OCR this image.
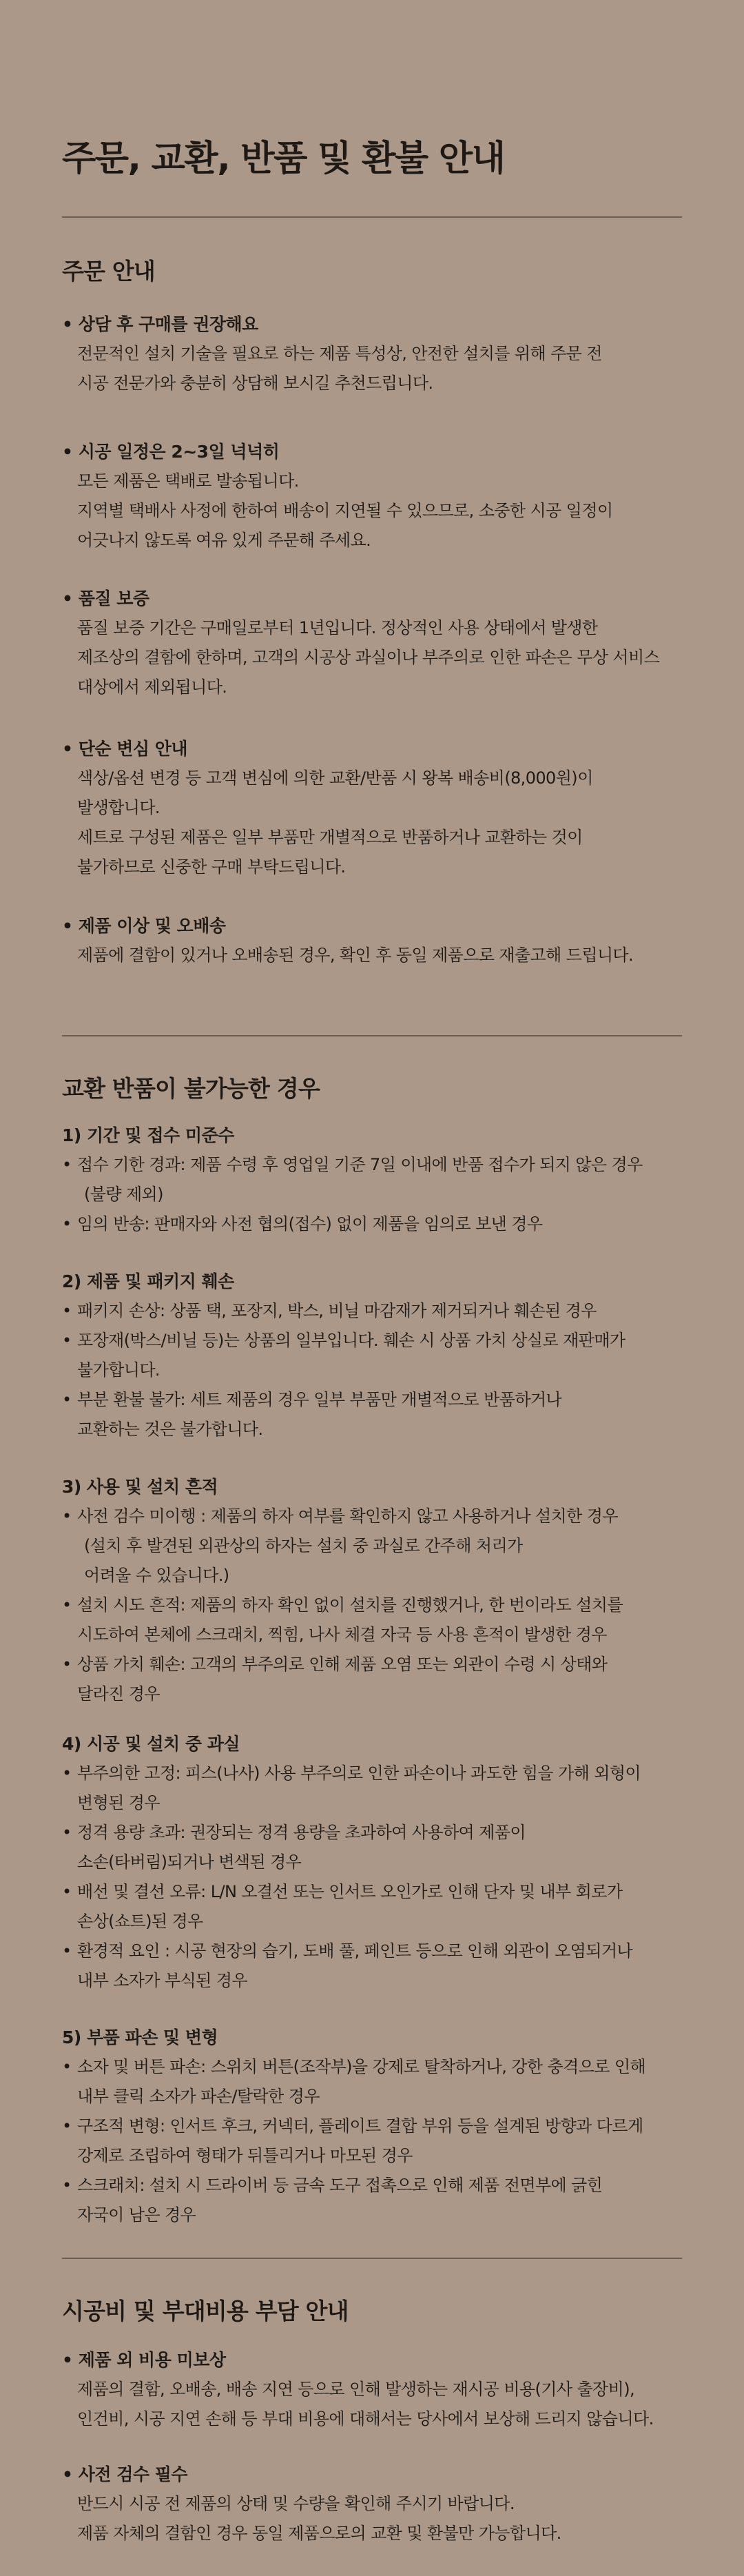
주문, 교환, 반품 및 환불 안내
주문 안내

• 상담 후 구매를 권장해요

전문적인 설치 기술을 필요로 하는 제품 특성상, 안전한 설치를 위해 주문 전

시공 전문가와 충분히 상담해 보시길 추천드립니다.

• 시공 일정은 2~3일 넉넉히

모든 제품은 택배로 발송됩니다.

지역별 택배사 사정에 한하여 배송이 지연될 수 있으므로, 소중한 시공 일정이

어긋나지 않도록 여유 있게 주문해 주세요.

• 품질 보증

품질 보증 기간은 구매일로부터 1년입니다. 정상적인 사용 상태에서 발생한

제조상의 결함에 한하며, 고객의 시공상 과실이나 부주의로 인한 파손은 무상 서비스

대상에서 제외됩니다.

• 단순 변심 안내

색상/옵션 변경 등 고객 변심에 의한 교환/반품 시 왕복 배송비(8,000원)이

발생합니다.

세트로 구성된 제품은 일부 부품만 개별적으로 반품하거나 교환하는 것이

불가하므로 신중한 구매 부탁드립니다.

• 제품 이상 및 오배송

제품에 결함이 있거나 오배송된 경우, 확인 후 동일 제품으로 재출고해 드립니다.

교환 반품이 불가능한 경우

1) 기간 및 접수 미준수

• 접수 기한 경과: 제품 수령 후 영업일 기준 7일 이내에 반품 접수가 되지 않은 경우

(불량 제외)

• 임의 반송: 판매자와 사전 협의(접수) 없이 제품을 임의로 보낸 경우

2) 제품 및 패키지 훼손

• 패키지 손상: 상품 택, 포장지, 박스, 비닐 마감재가 제거되거나 훼손된 경우

• 포장재(박스/비닐 등)는 상품의 일부입니다. 훼손 시 상품 가치 상실로 재판매가

불가합니다.

• 부분 환불 불가: 세트 제품의 경우 일부 부품만 개별적으로 반품하거나

교환하는 것은 불가합니다.

3) 사용 및 설치 흔적

• 사전 검수 미이행 : 제품의 하자 여부를 확인하지 않고 사용하거나 설치한 경우

(설치 후 발견된 외관상의 하자는 설치 중 과실로 간주해 처리가

어려울 수 있습니다.)

• 설치 시도 흔적: 제품의 하자 확인 없이 설치를 진행했거나, 한 번이라도 설치를

시도하여 본체에 스크래치, 찍힘, 나사 체결 자국 등 사용 흔적이 발생한 경우

• 상품 가치 훼손: 고객의 부주의로 인해 제품 오염 또는 외관이 수령 시 상태와

달라진 경우

4) 시공 및 설치 중 과실

• 부주의한 고정: 피스(나사) 사용 부주의로 인한 파손이나 과도한 힘을 가해 외형이

변형된 경우

• 정격 용량 초과: 권장되는 정격 용량을 초과하여 사용하여 제품이

소손(타버림)되거나 변색된 경우

• 배선 및 결선 오류: L/N 오결선 또는 인서트 오인가로 인해 단자 및 내부 회로가

손상(쇼트)된 경우

• 환경적 요인 : 시공 현장의 습기, 도배 풀, 페인트 등으로 인해 외관이 오염되거나

내부 소자가 부식된 경우

5) 부품 파손 및 변형

• 소자 및 버튼 파손: 스위치 버튼(조작부)을 강제로 탈착하거나, 강한 충격으로 인해

내부 클릭 소자가 파손/탈락한 경우

• 구조적 변형: 인서트 후크, 커넥터, 플레이트 결합 부위 등을 설계된 방향과 다르게

강제로 조립하여 형태가 뒤틀리거나 마모된 경우

• 스크래치: 설치 시 드라이버 등 금속 도구 접촉으로 인해 제품 전면부에 긁힌

자국이 남은 경우

시공비 및 부대비용 부담 안내

• 제품 외 비용 미보상

제품의 결함, 오배송, 배송 지연 등으로 인해 발생하는 재시공 비용(기사 출장비),

인건비, 시공 지연 손해 등 부대 비용에 대해서는 당사에서 보상해 드리지 않습니다.

• 사전 검수 필수

반드시 시공 전 제품의 상태 및 수량을 확인해 주시기 바랍니다.

제품 자체의 결함인 경우 동일 제품으로의 교환 및 환불만 가능합니다.
